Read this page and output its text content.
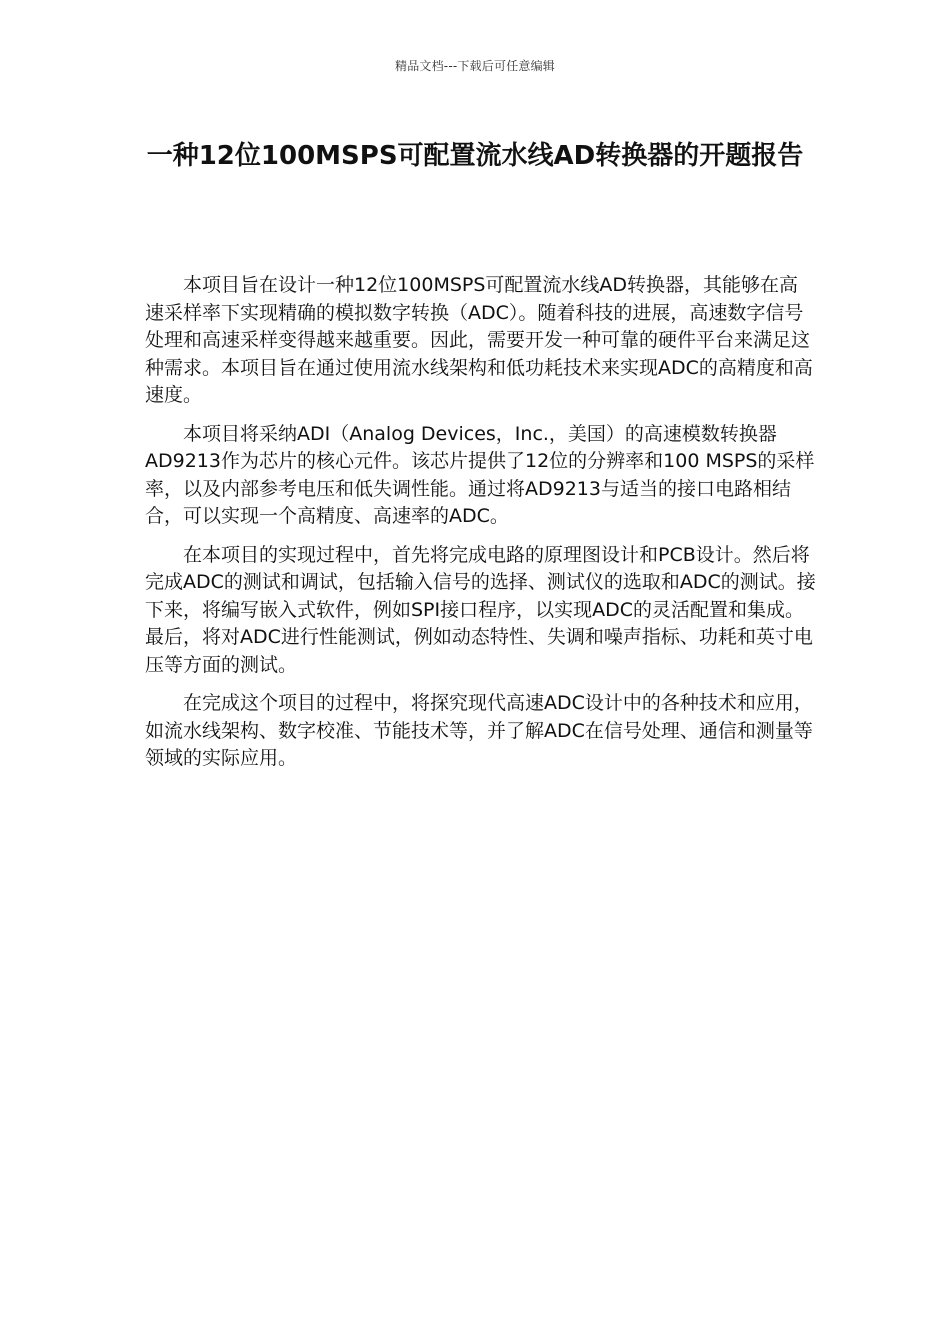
精品文档---下载后可任意编辑
一种12位100MSPS可配置流水线AD转换器的开题报告

本项目旨在设计一种12位100MSPS可配置流水线AD转换器，其能够在高速采样率下实现精确的模拟数字转换（ADC）。随着科技的进展，高速数字信号处理和高速采样变得越来越重要。因此，需要开发一种可靠的硬件平台来满足这种需求。本项目旨在通过使用流水线架构和低功耗技术来实现ADC的高精度和高速度。

本项目将采纳ADI（Analog Devices，Inc.，美国）的高速模数转换器AD9213作为芯片的核心元件。该芯片提供了12位的分辨率和100 MSPS的采样率，以及内部参考电压和低失调性能。通过将AD9213与适当的接口电路相结合，可以实现一个高精度、高速率的ADC。

在本项目的实现过程中，首先将完成电路的原理图设计和PCB设计。然后将完成ADC的测试和调试，包括输入信号的选择、测试仪的选取和ADC的测试。接下来，将编写嵌入式软件，例如SPI接口程序，以实现ADC的灵活配置和集成。最后，将对ADC进行性能测试，例如动态特性、失调和噪声指标、功耗和英寸电压等方面的测试。

在完成这个项目的过程中，将探究现代高速ADC设计中的各种技术和应用，如流水线架构、数字校准、节能技术等，并了解ADC在信号处理、通信和测量等领域的实际应用。
